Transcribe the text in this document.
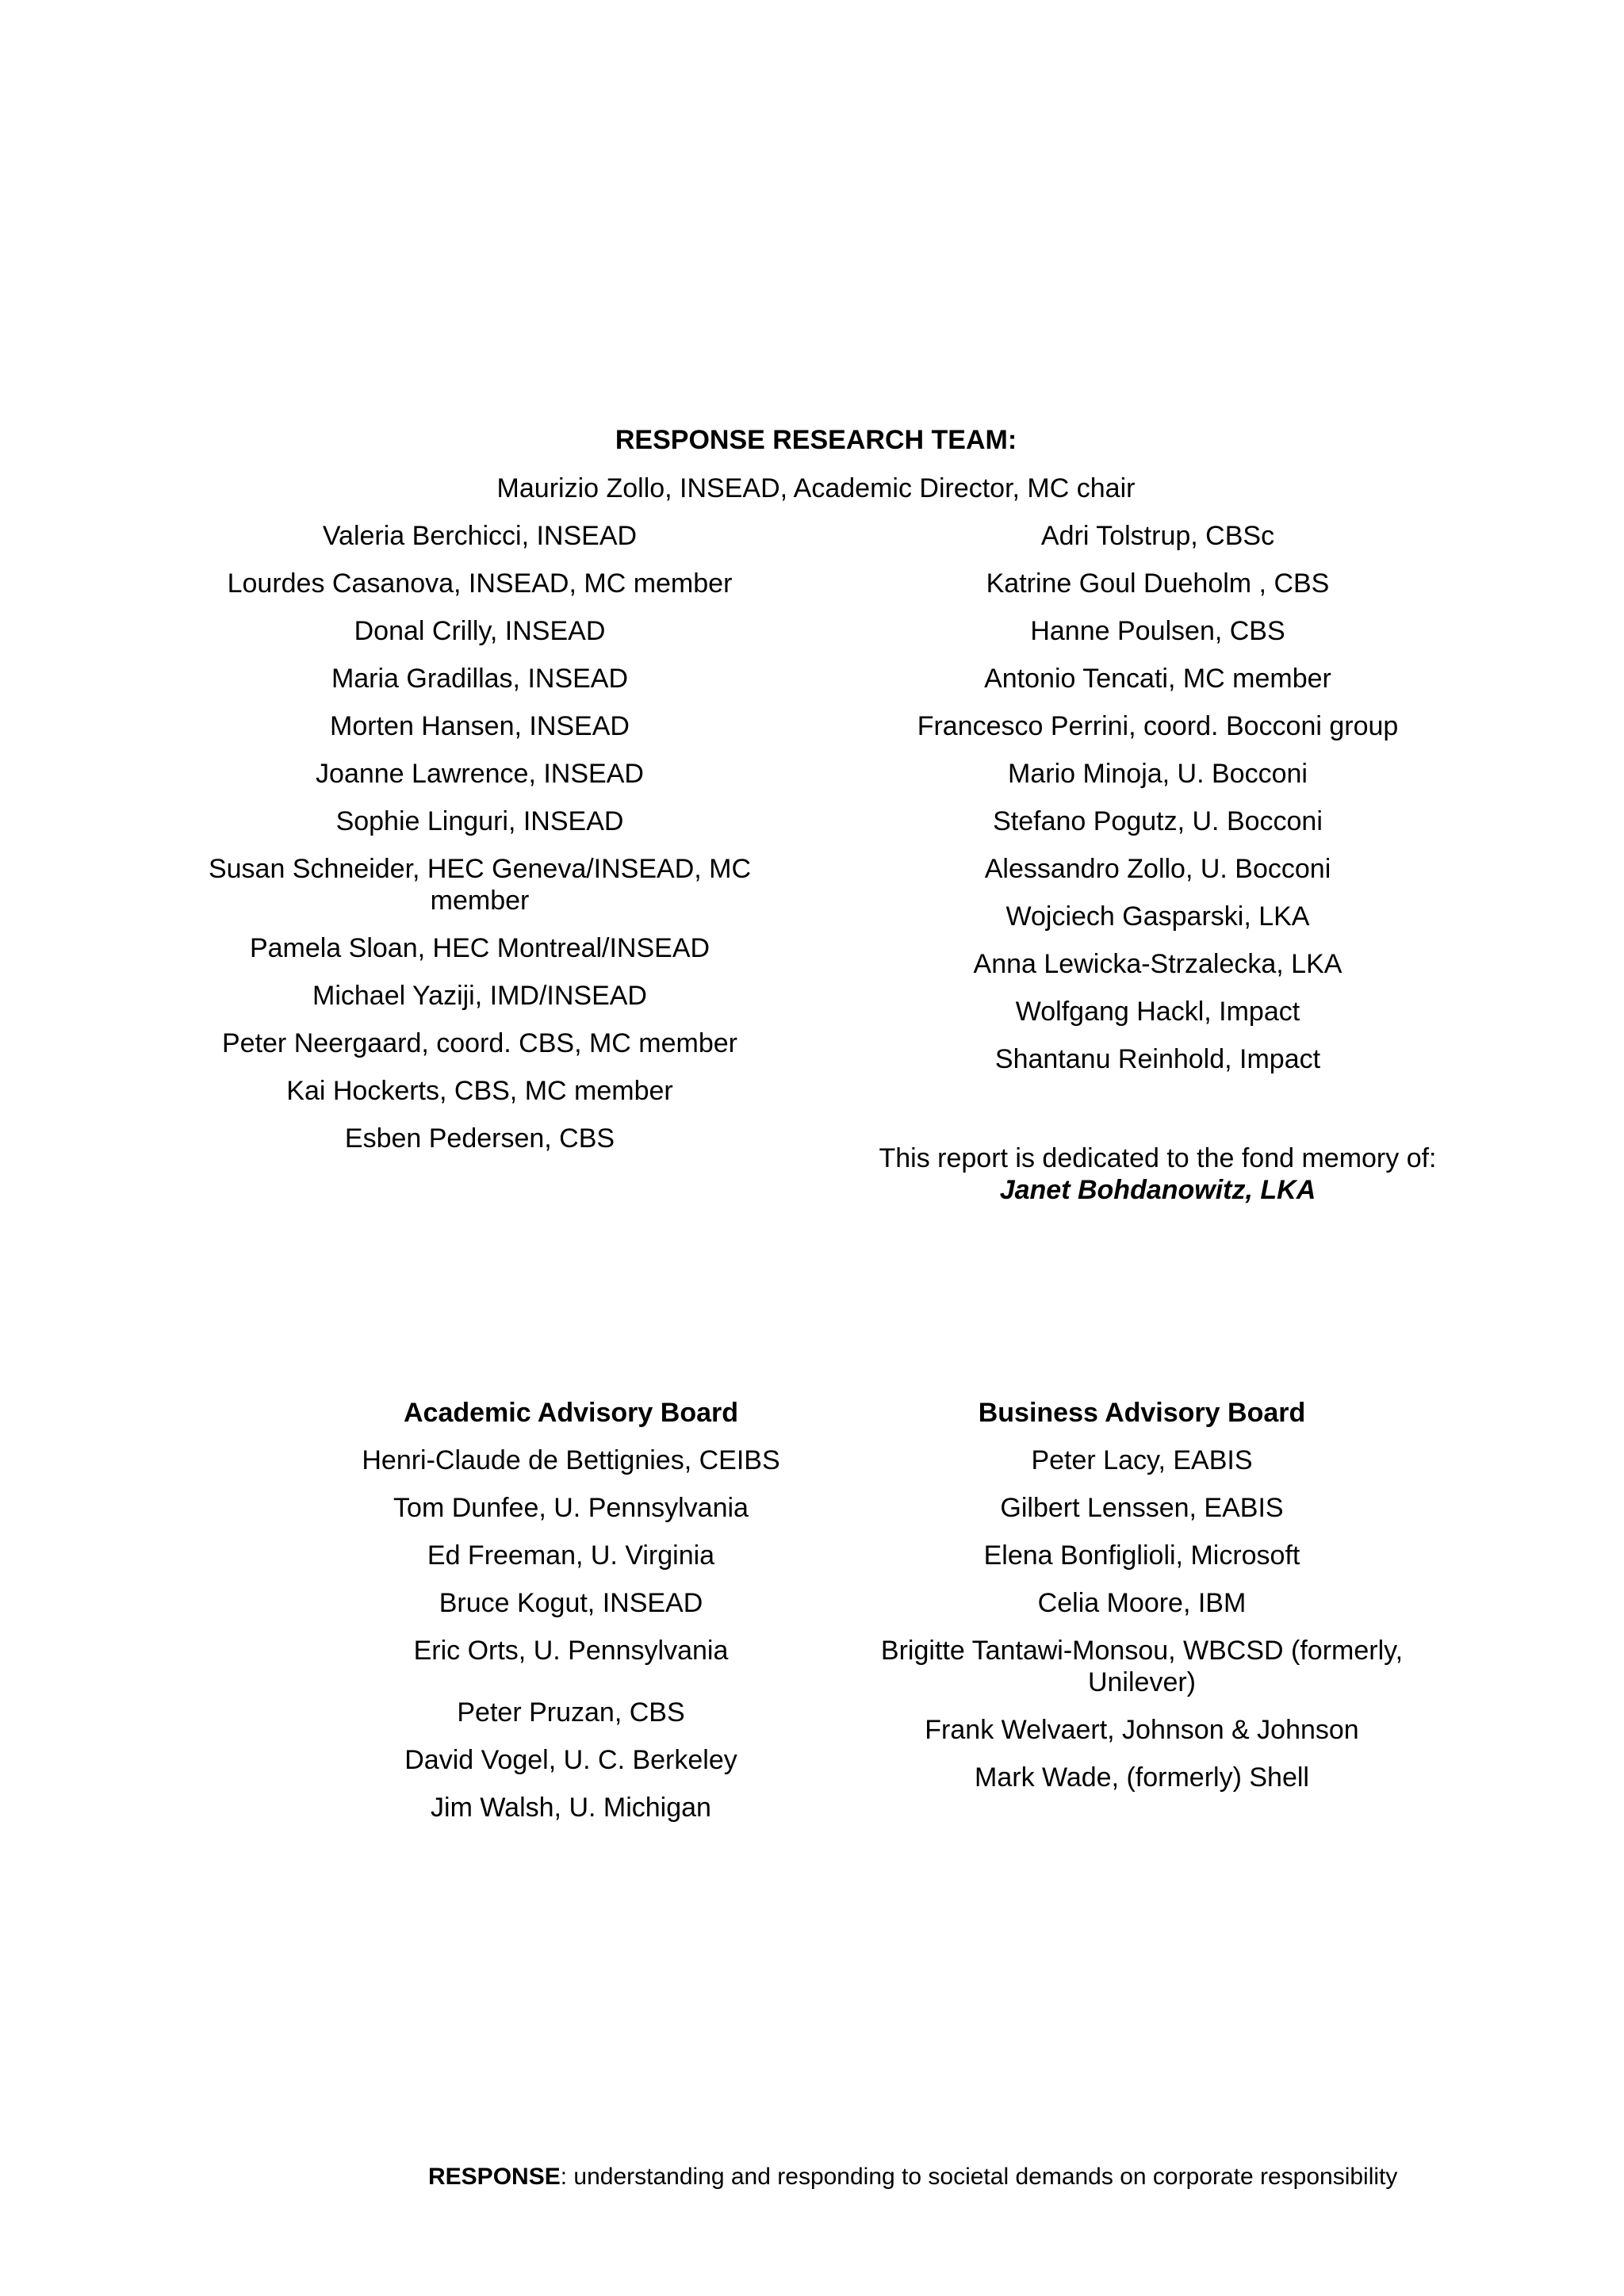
RESPONSE RESEARCH TEAM:
Maurizio Zollo, INSEAD, Academic Director, MC chair
Valeria Berchicci, INSEAD
Lourdes Casanova, INSEAD, MC member
Donal Crilly, INSEAD
Maria Gradillas, INSEAD
Morten Hansen, INSEAD
Joanne Lawrence, INSEAD
Sophie Linguri, INSEAD
Susan Schneider, HEC Geneva/INSEAD, MC member
Pamela Sloan, HEC Montreal/INSEAD
Michael Yaziji, IMD/INSEAD
Peter Neergaard, coord. CBS, MC member
Kai Hockerts, CBS, MC member
Esben Pedersen, CBS
Adri Tolstrup, CBSc
Katrine Goul Dueholm , CBS
Hanne Poulsen, CBS
Antonio Tencati, MC member
Francesco Perrini, coord. Bocconi group
Mario Minoja, U. Bocconi
Stefano Pogutz, U. Bocconi
Alessandro Zollo, U. Bocconi
Wojciech Gasparski, LKA
Anna Lewicka-Strzalecka, LKA
Wolfgang Hackl, Impact
Shantanu Reinhold, Impact
This report is dedicated to the fond memory of:
Janet Bohdanowitz, LKA
Academic Advisory Board
Henri-Claude de Bettignies, CEIBS
Tom Dunfee, U. Pennsylvania
Ed Freeman, U. Virginia
Bruce Kogut, INSEAD
Eric Orts, U. Pennsylvania
Peter Pruzan, CBS
David Vogel, U. C. Berkeley
Jim Walsh, U. Michigan
Business Advisory Board
Peter Lacy, EABIS
Gilbert Lenssen, EABIS
Elena Bonfiglioli, Microsoft
Celia Moore, IBM
Brigitte Tantawi-Monsou, WBCSD (formerly, Unilever)
Frank Welvaert, Johnson & Johnson
Mark Wade, (formerly) Shell
RESPONSE: understanding and responding to societal demands on corporate responsibility
